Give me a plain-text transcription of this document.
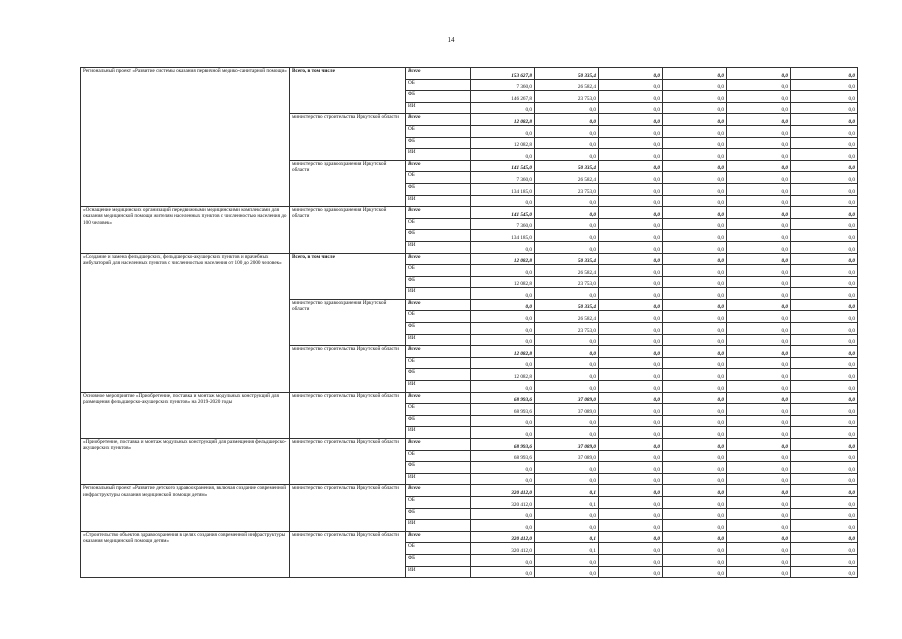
14
Региональный проект «Развитие системы оказания первичной медико-санитарной помощи»	Всего, в том числе	Всего	153 627,8	50 335,4	0,0	0,0	0,0	0,0
		ОБ	7 360,0	26 582,4	0,0	0,0	0,0	0,0
		ФБ	146 267,8	23 753,0	0,0	0,0	0,0	0,0
		ИИ	0,0	0,0	0,0	0,0	0,0	0,0
	министерство строительства Иркутской области	Всего	12 082,8	0,0	0,0	0,0	0,0	0,0
		ОБ	0,0	0,0	0,0	0,0	0,0	0,0
		ФБ	12 082,8	0,0	0,0	0,0	0,0	0,0
		ИИ	0,0	0,0	0,0	0,0	0,0	0,0
	министерство здравоохранения Иркутской области	Всего	141 545,0	50 335,4	0,0	0,0	0,0	0,0
		ОБ	7 360,0	26 582,4	0,0	0,0	0,0	0,0
		ФБ	134 185,0	23 753,0	0,0	0,0	0,0	0,0
		ИИ	0,0	0,0	0,0	0,0	0,0	0,0
«Оснащение медицинских организаций передвижными медицинскими комплексами для оказания медицинской помощи жителям населенных пунктов с численностью населения до 100 человек»	министерство здравоохранения Иркутской области	Всего	141 545,0	0,0	0,0	0,0	0,0	0,0
		ОБ	7 360,0	0,0	0,0	0,0	0,0	0,0
		ФБ	134 185,0	0,0	0,0	0,0	0,0	0,0
		ИИ	0,0	0,0	0,0	0,0	0,0	0,0
«Создание и замена фельдшерских, фельдшерско-акушерских пунктов и врачебных амбулаторий для населенных пунктов с численностью населения от 100 до 2000 человек»	Всего, в том числе	Всего	12 082,8	50 335,4	0,0	0,0	0,0	0,0
		ОБ	0,0	26 582,4	0,0	0,0	0,0	0,0
		ФБ	12 082,8	23 753,0	0,0	0,0	0,0	0,0
		ИИ	0,0	0,0	0,0	0,0	0,0	0,0
	министерство здравоохранения Иркутской области	Всего	0,0	50 335,4	0,0	0,0	0,0	0,0
		ОБ	0,0	26 582,4	0,0	0,0	0,0	0,0
		ФБ	0,0	23 753,0	0,0	0,0	0,0	0,0
		ИИ	0,0	0,0	0,0	0,0	0,0	0,0
	министерство строительства Иркутской области	Всего	12 082,8	0,0	0,0	0,0	0,0	0,0
		ОБ	0,0	0,0	0,0	0,0	0,0	0,0
		ФБ	12 082,8	0,0	0,0	0,0	0,0	0,0
		ИИ	0,0	0,0	0,0	0,0	0,0	0,0
Основное мероприятие «Приобретение, поставка и монтаж модульных конструкций для размещения фельдшерско-акушерских пунктов» на 2019-2020 годы	министерство строительства Иркутской области	Всего	68 993,6	37 089,0	0,0	0,0	0,0	0,0
		ОБ	68 993,6	37 089,0	0,0	0,0	0,0	0,0
		ФБ	0,0	0,0	0,0	0,0	0,0	0,0
		ИИ	0,0	0,0	0,0	0,0	0,0	0,0
«Приобретение, поставка и монтаж модульных конструкций для размещения фельдшерско-акушерских пунктов»	министерство строительства Иркутской области	Всего	68 993,6	37 089,0	0,0	0,0	0,0	0,0
		ОБ	68 993,6	37 089,0	0,0	0,0	0,0	0,0
		ФБ	0,0	0,0	0,0	0,0	0,0	0,0
		ИИ	0,0	0,0	0,0	0,0	0,0	0,0
Региональный проект «Развитие детского здравоохранения, включая создание современной инфраструктуры оказания медицинской помощи детям»	министерство строительства Иркутской области	Всего	320 412,0	0,1	0,0	0,0	0,0	0,0
		ОБ	320 412,0	0,1	0,0	0,0	0,0	0,0
		ФБ	0,0	0,0	0,0	0,0	0,0	0,0
		ИИ	0,0	0,0	0,0	0,0	0,0	0,0
«Строительство объектов здравоохранения в целях создания современной инфраструктуры оказания медицинской помощи детям»	министерство строительства Иркутской области	Всего	320 412,0	0,1	0,0	0,0	0,0	0,0
		ОБ	320 412,0	0,1	0,0	0,0	0,0	0,0
		ФБ	0,0	0,0	0,0	0,0	0,0	0,0
		ИИ	0,0	0,0	0,0	0,0	0,0	0,0
